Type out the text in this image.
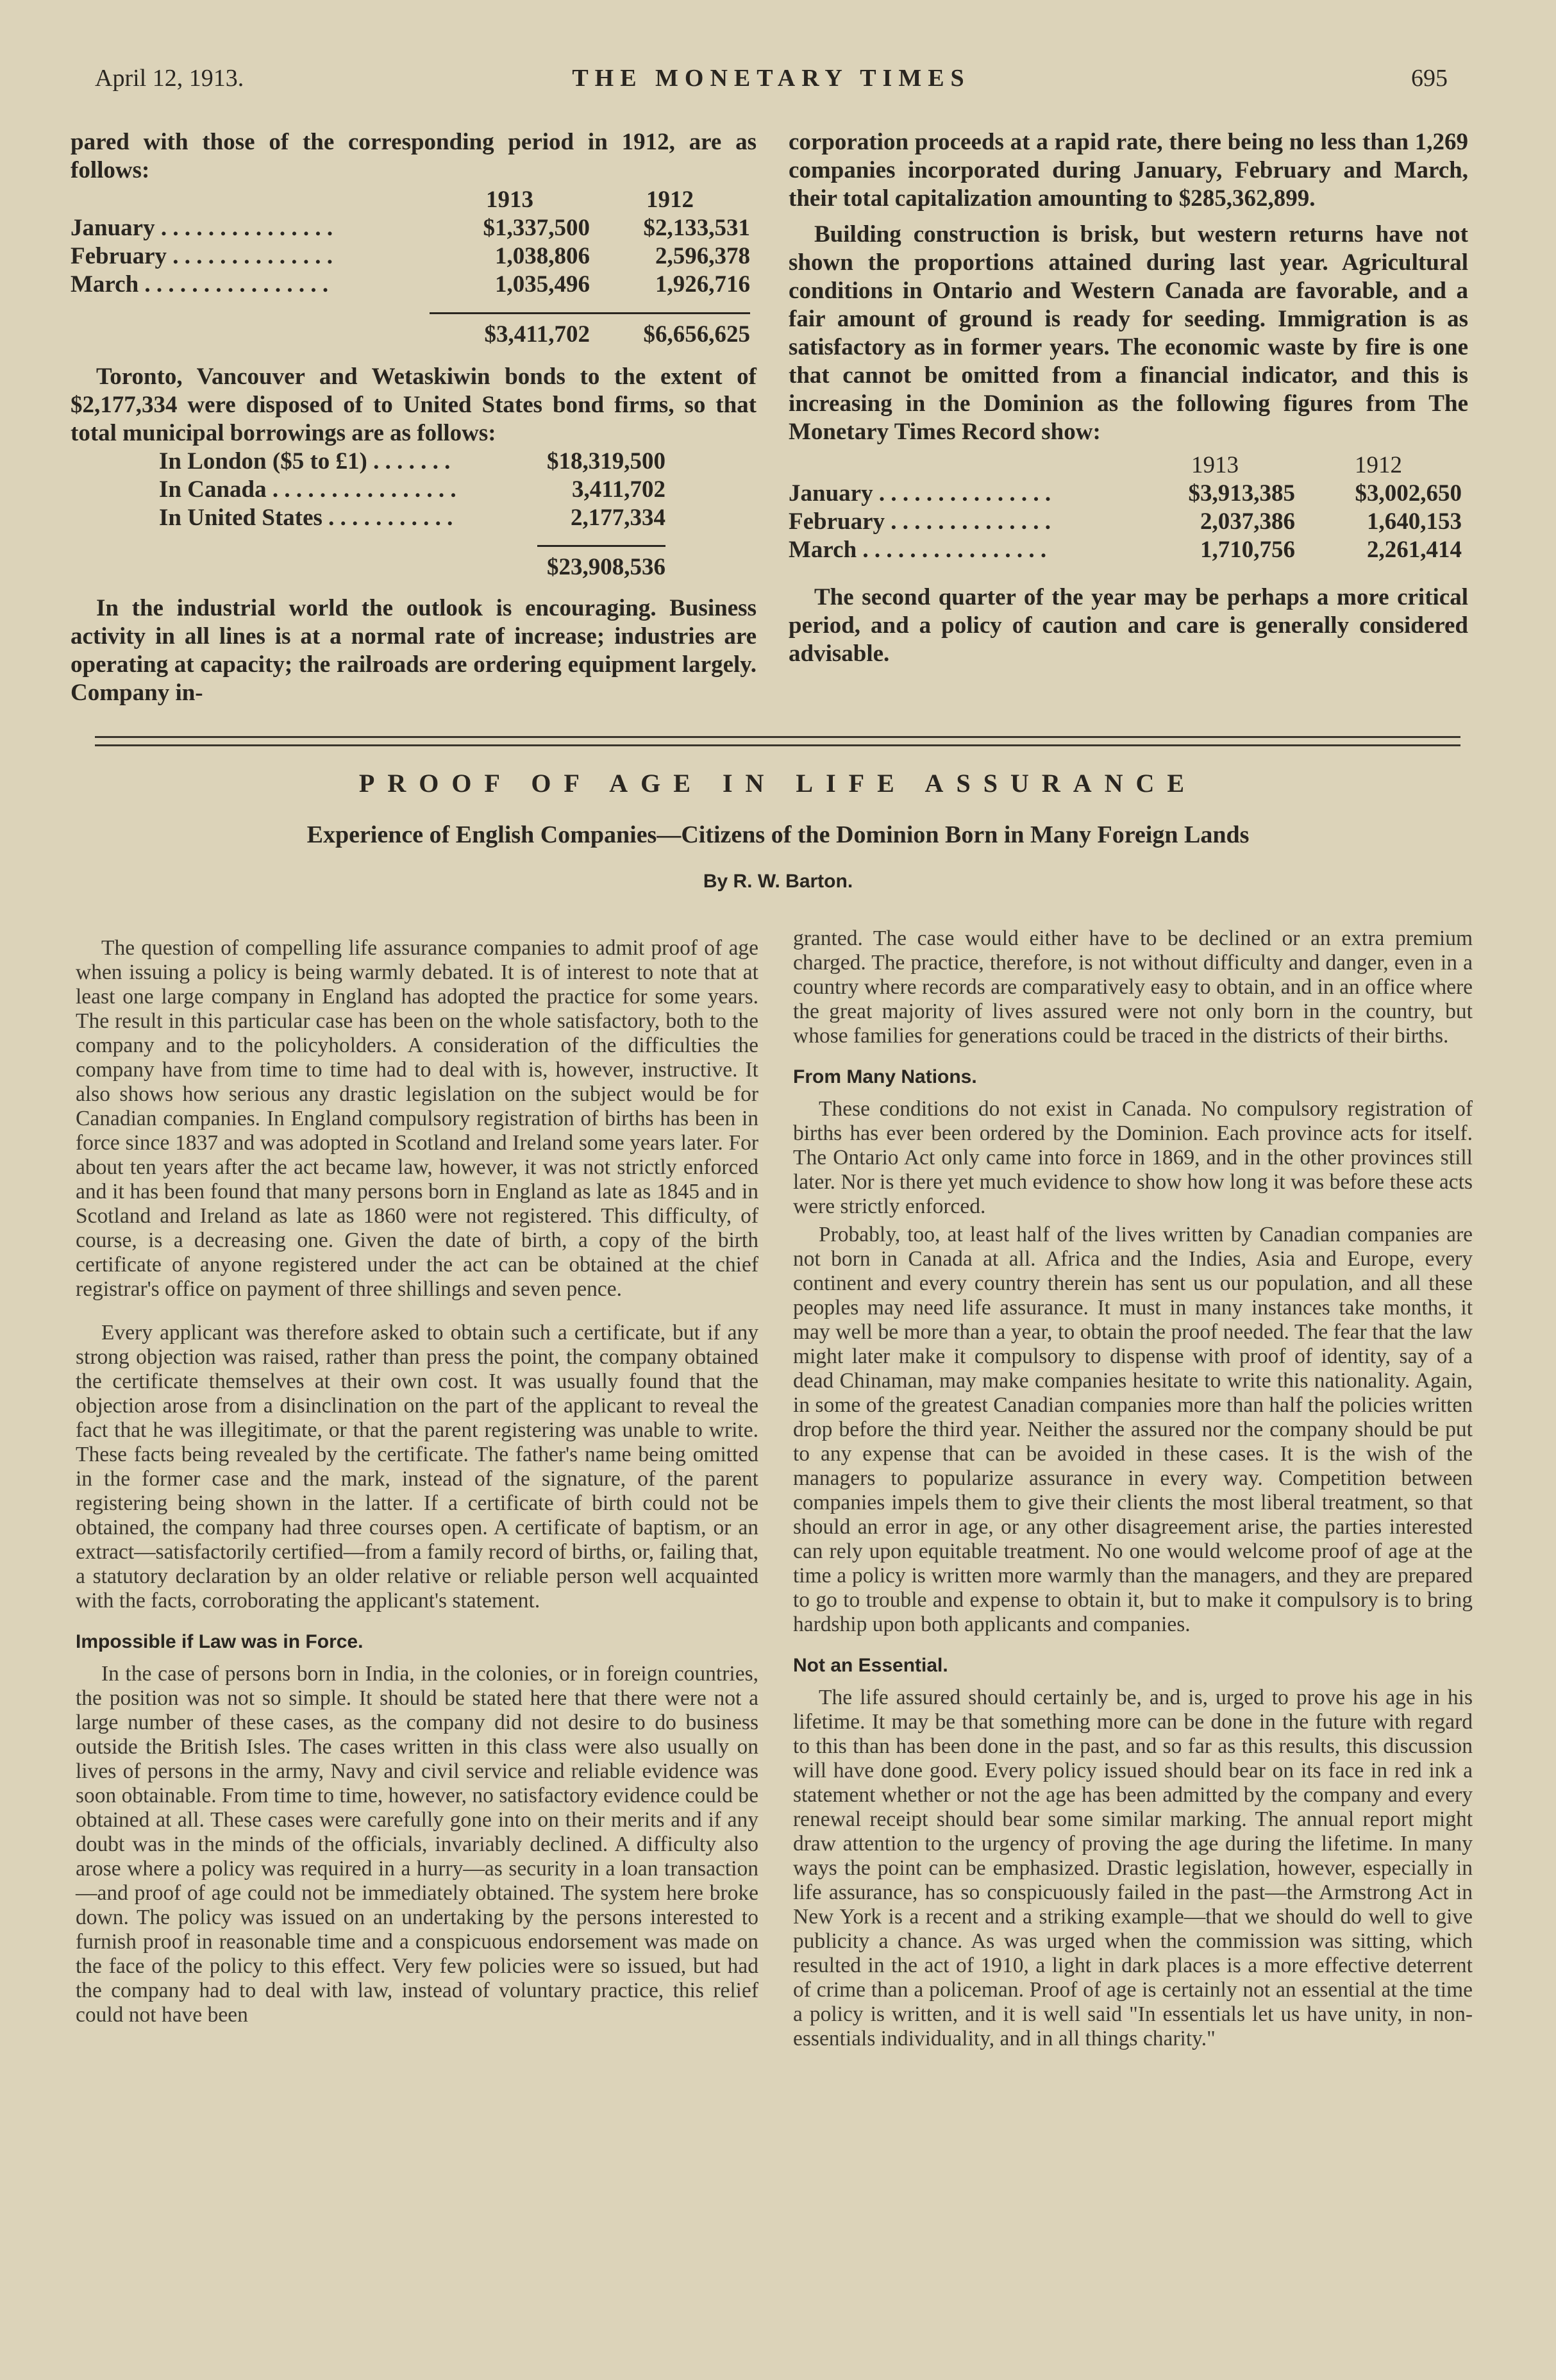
April 12, 1913.	THE MONETARY TIMES	695

pared with those of the corresponding period in 1912, are as follows:

	1913	1912
January . . . . . . . . . . . . . . .	$1,337,500	$2,133,531
February . . . . . . . . . . . . . .	1,038,806	2,596,378
March . . . . . . . . . . . . . . . .	1,035,496	1,926,716

	$3,411,702	$6,656,625

Toronto, Vancouver and Wetaskiwin bonds to the extent of $2,177,334 were disposed of to United States bond firms, so that total municipal borrowings are as follows:

In London ($5 to £1) . . . . . . .	$18,319,500
In Canada . . . . . . . . . . . . . . . .	3,411,702
In United States . . . . . . . . . . .	2,177,334

	$23,908,536

In the industrial world the outlook is encouraging. Business activity in all lines is at a normal rate of increase; industries are operating at capacity; the railroads are ordering equipment largely. Company in-

corporation proceeds at a rapid rate, there being no less than 1,269 companies incorporated during January, February and March, their total capitalization amounting to $285,362,899.

Building construction is brisk, but western returns have not shown the proportions attained during last year. Agricultural conditions in Ontario and Western Canada are favorable, and a fair amount of ground is ready for seeding. Immigration is as satisfactory as in former years. The economic waste by fire is one that cannot be omitted from a financial indicator, and this is increasing in the Dominion as the following figures from The Monetary Times Record show:

	1913	1912
January . . . . . . . . . . . . . . .	$3,913,385	$3,002,650
February . . . . . . . . . . . . . .	2,037,386	1,640,153
March . . . . . . . . . . . . . . . .	1,710,756	2,261,414

The second quarter of the year may be perhaps a more critical period, and a policy of caution and care is generally considered advisable.

PROOF OF AGE IN LIFE ASSURANCE
Experience of English Companies—Citizens of the Dominion Born in Many Foreign Lands
By R. W. Barton.

The question of compelling life assurance companies to admit proof of age when issuing a policy is being warmly debated. It is of interest to note that at least one large company in England has adopted the practice for some years. The result in this particular case has been on the whole satisfactory, both to the company and to the policyholders. A consideration of the difficulties the company have from time to time had to deal with is, however, instructive. It also shows how serious any drastic legislation on the subject would be for Canadian companies. In England compulsory registration of births has been in force since 1837 and was adopted in Scotland and Ireland some years later. For about ten years after the act became law, however, it was not strictly enforced and it has been found that many persons born in England as late as 1845 and in Scotland and Ireland as late as 1860 were not registered. This difficulty, of course, is a decreasing one. Given the date of birth, a copy of the birth certificate of anyone registered under the act can be obtained at the chief registrar's office on payment of three shillings and seven pence.

Every applicant was therefore asked to obtain such a certificate, but if any strong objection was raised, rather than press the point, the company obtained the certificate themselves at their own cost. It was usually found that the objection arose from a disinclination on the part of the applicant to reveal the fact that he was illegitimate, or that the parent registering was unable to write. These facts being revealed by the certificate. The father's name being omitted in the former case and the mark, instead of the signature, of the parent registering being shown in the latter. If a certificate of birth could not be obtained, the company had three courses open. A certificate of baptism, or an extract—satisfactorily certified—from a family record of births, or, failing that, a statutory declaration by an older relative or reliable person well acquainted with the facts, corroborating the applicant's statement.

Impossible if Law was in Force.

In the case of persons born in India, in the colonies, or in foreign countries, the position was not so simple. It should be stated here that there were not a large number of these cases, as the company did not desire to do business outside the British Isles. The cases written in this class were also usually on lives of persons in the army, Navy and civil service and reliable evidence was soon obtainable. From time to time, however, no satisfactory evidence could be obtained at all. These cases were carefully gone into on their merits and if any doubt was in the minds of the officials, invariably declined. A difficulty also arose where a policy was required in a hurry—as security in a loan transaction—and proof of age could not be immediately obtained. The system here broke down. The policy was issued on an undertaking by the persons interested to furnish proof in reasonable time and a conspicuous endorsement was made on the face of the policy to this effect. Very few policies were so issued, but had the company had to deal with law, instead of voluntary practice, this relief could not have been

granted. The case would either have to be declined or an extra premium charged. The practice, therefore, is not without difficulty and danger, even in a country where records are comparatively easy to obtain, and in an office where the great majority of lives assured were not only born in the country, but whose families for generations could be traced in the districts of their births.

From Many Nations.

These conditions do not exist in Canada. No compulsory registration of births has ever been ordered by the Dominion. Each province acts for itself. The Ontario Act only came into force in 1869, and in the other provinces still later. Nor is there yet much evidence to show how long it was before these acts were strictly enforced.

Probably, too, at least half of the lives written by Canadian companies are not born in Canada at all. Africa and the Indies, Asia and Europe, every continent and every country therein has sent us our population, and all these peoples may need life assurance. It must in many instances take months, it may well be more than a year, to obtain the proof needed. The fear that the law might later make it compulsory to dispense with proof of identity, say of a dead Chinaman, may make companies hesitate to write this nationality. Again, in some of the greatest Canadian companies more than half the policies written drop before the third year. Neither the assured nor the company should be put to any expense that can be avoided in these cases. It is the wish of the managers to popularize assurance in every way. Competition between companies impels them to give their clients the most liberal treatment, so that should an error in age, or any other disagreement arise, the parties interested can rely upon equitable treatment. No one would welcome proof of age at the time a policy is written more warmly than the managers, and they are prepared to go to trouble and expense to obtain it, but to make it compulsory is to bring hardship upon both applicants and companies.

Not an Essential.

The life assured should certainly be, and is, urged to prove his age in his lifetime. It may be that something more can be done in the future with regard to this than has been done in the past, and so far as this results, this discussion will have done good. Every policy issued should bear on its face in red ink a statement whether or not the age has been admitted by the company and every renewal receipt should bear some similar marking. The annual report might draw attention to the urgency of proving the age during the lifetime. In many ways the point can be emphasized. Drastic legislation, however, especially in life assurance, has so conspicuously failed in the past—the Armstrong Act in New York is a recent and a striking example—that we should do well to give publicity a chance. As was urged when the commission was sitting, which resulted in the act of 1910, a light in dark places is a more effective deterrent of crime than a policeman. Proof of age is certainly not an essential at the time a policy is written, and it is well said "In essentials let us have unity, in non-essentials individuality, and in all things charity."
